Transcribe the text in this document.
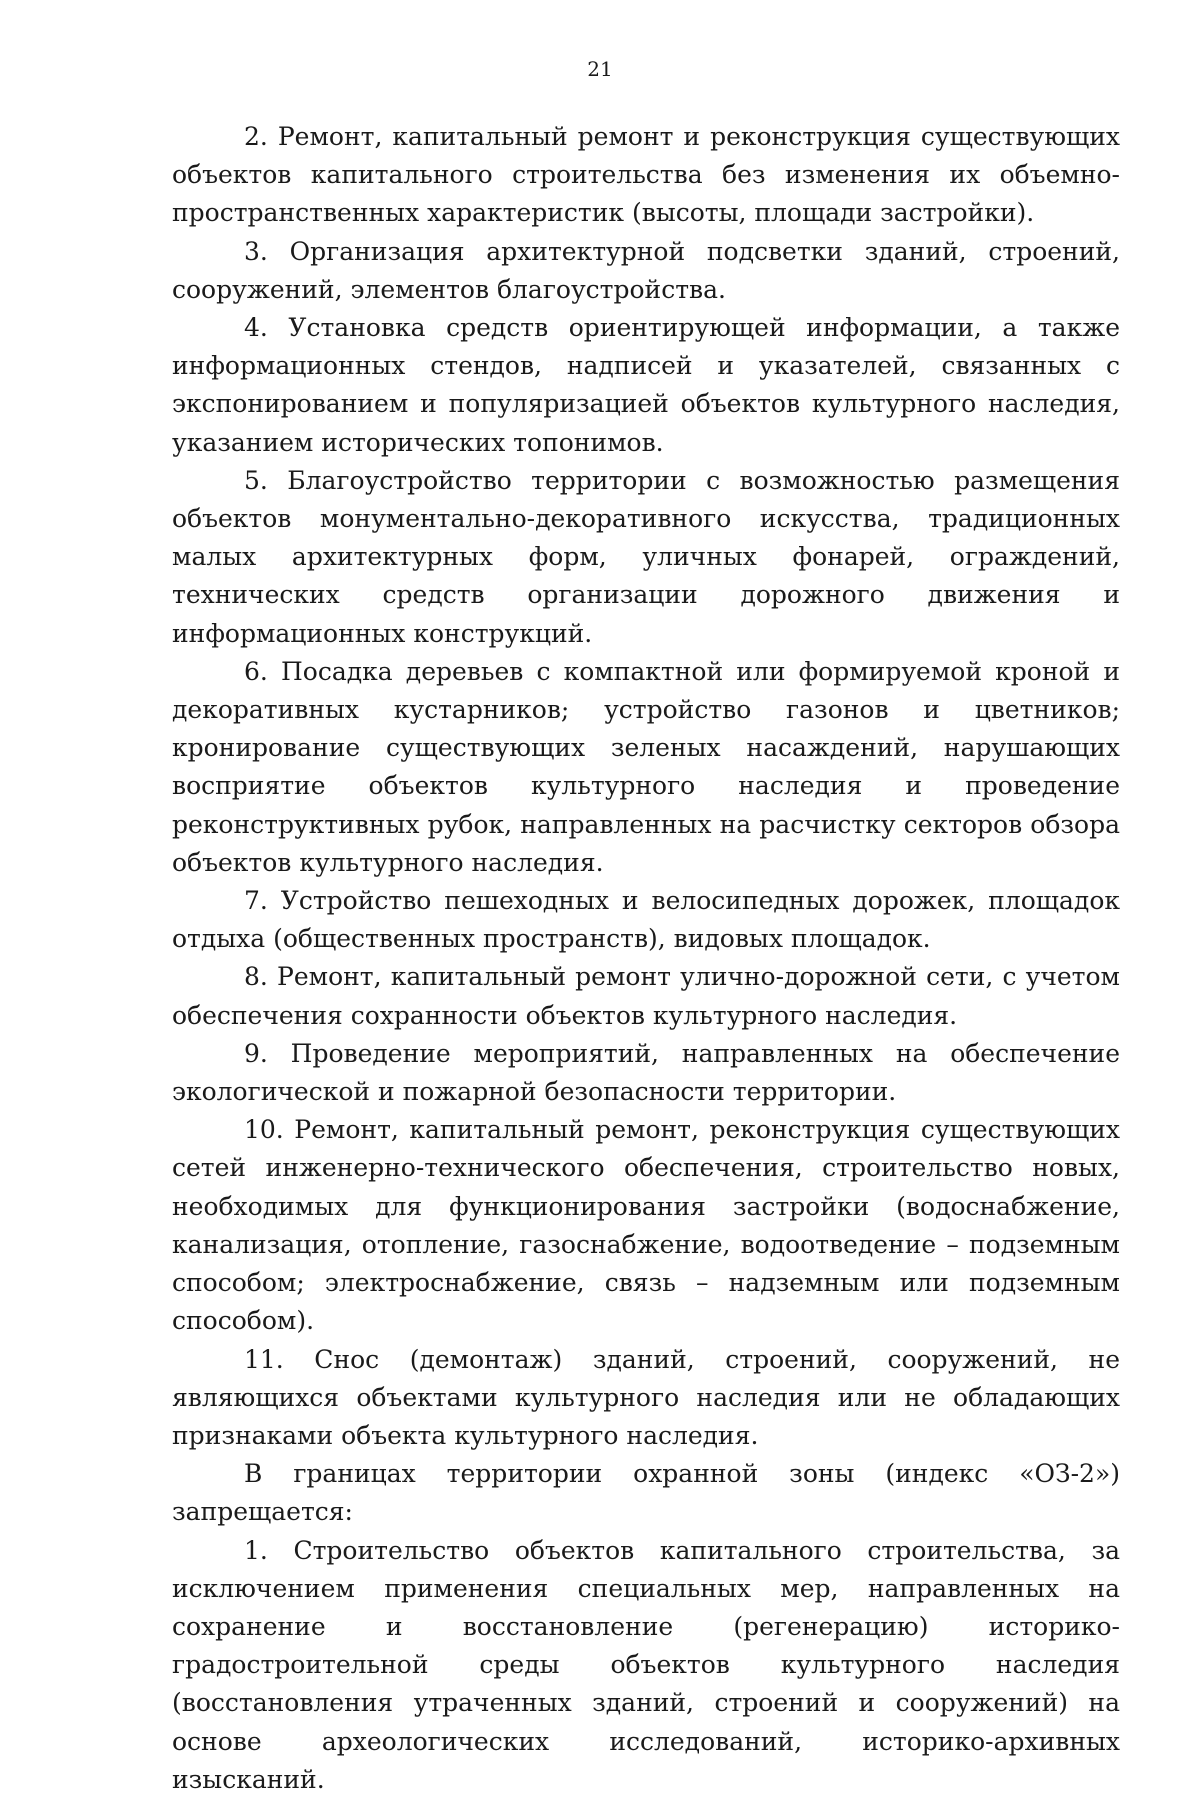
21

2. Ремонт, капитальный ремонт и реконструкция существующих объектов капитального строительства без изменения их объемно-пространственных характеристик (высоты, площади застройки).

3. Организация архитектурной подсветки зданий, строений, сооружений, элементов благоустройства.

4. Установка средств ориентирующей информации, а также информационных стендов, надписей и указателей, связанных с экспонированием и популяризацией объектов культурного наследия, указанием исторических топонимов.

5. Благоустройство территории с возможностью размещения объектов монументально-декоративного искусства, традиционных малых архитектурных форм, уличных фонарей, ограждений, технических средств организации дорожного движения и информационных конструкций.

6. Посадка деревьев с компактной или формируемой кроной и декоративных кустарников; устройство газонов и цветников; кронирование существующих зеленых насаждений, нарушающих восприятие объектов культурного наследия и проведение реконструктивных рубок, направленных на расчистку секторов обзора объектов культурного наследия.

7. Устройство пешеходных и велосипедных дорожек, площадок отдыха (общественных пространств), видовых площадок.

8. Ремонт, капитальный ремонт улично-дорожной сети, с учетом обеспечения сохранности объектов культурного наследия.

9. Проведение мероприятий, направленных на обеспечение экологической и пожарной безопасности территории.

10. Ремонт, капитальный ремонт, реконструкция существующих сетей инженерно-технического обеспечения, строительство новых, необходимых для функционирования застройки (водоснабжение, канализация, отопление, газоснабжение, водоотведение – подземным способом; электроснабжение, связь – надземным или подземным способом).

11. Снос (демонтаж) зданий, строений, сооружений, не являющихся объектами культурного наследия или не обладающих признаками объекта культурного наследия.

В границах территории охранной зоны (индекс «ОЗ-2») запрещается:

1. Строительство объектов капитального строительства, за исключением применения специальных мер, направленных на сохранение и восстановление (регенерацию) историко-градостроительной среды объектов культурного наследия (восстановления утраченных зданий, строений и сооружений) на основе археологических исследований, историко-архивных изысканий.
